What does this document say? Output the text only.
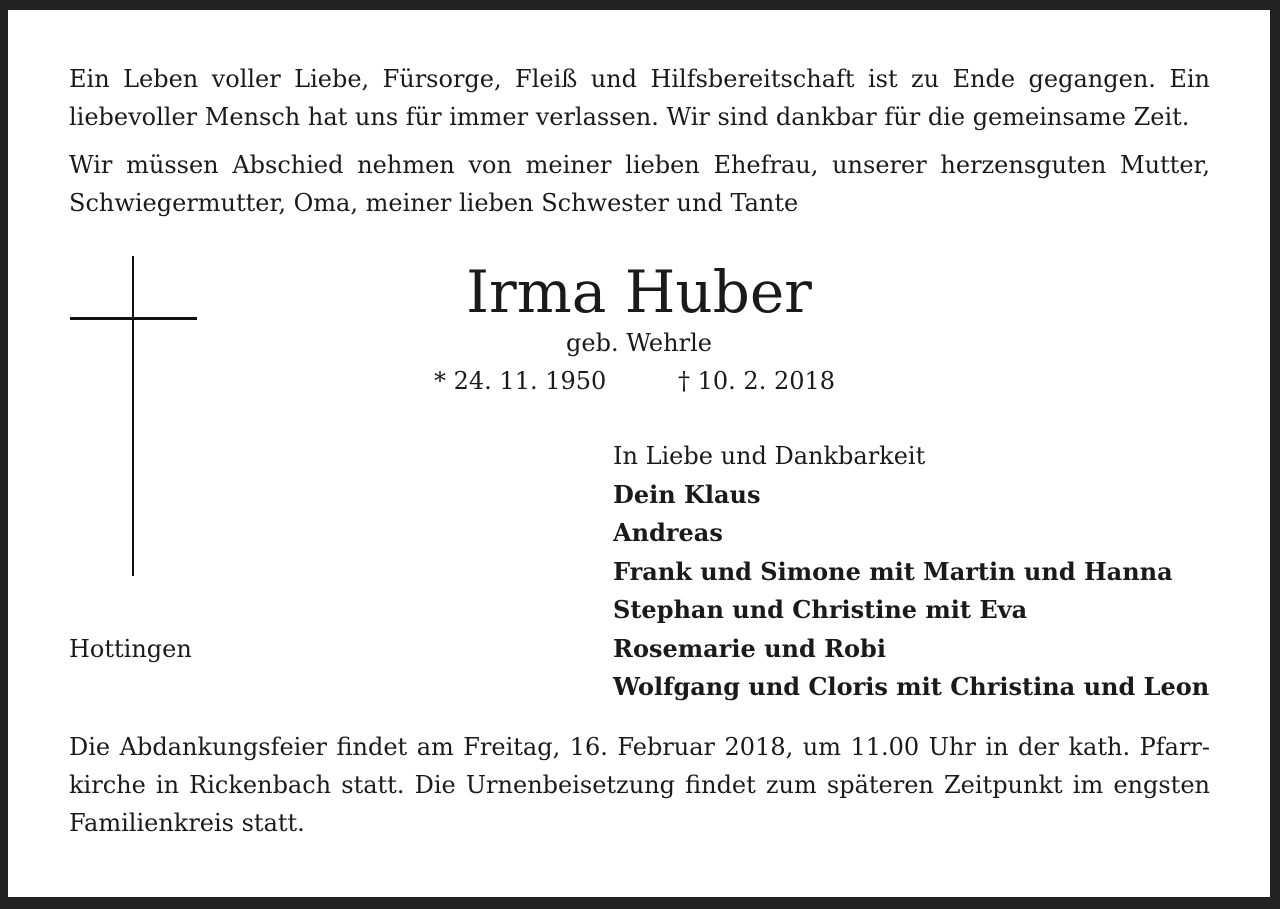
Ein Leben voller Liebe, Fürsorge, Fleiß und Hilfsbereitschaft ist zu Ende gegangen. Ein liebevoller Mensch hat uns für immer verlassen. Wir sind dankbar für die gemeinsame Zeit.

Wir müssen Abschied nehmen von meiner lieben Ehefrau, unserer herzensguten Mutter, Schwiegermutter, Oma, meiner lieben Schwester und Tante

Irma Huber
geb. Wehrle
* 24. 11. 1950	† 10. 2. 2018
Hottingen
In Liebe und Dankbarkeit
Dein Klaus
Andreas
Frank und Simone mit Martin und Hanna
Stephan und Christine mit Eva
Rosemarie und Robi
Wolfgang und Cloris mit Christina und Leon

Die Abdankungsfeier findet am Freitag, 16. Februar 2018, um 11.00 Uhr in der kath. Pfarrkirche in Rickenbach statt. Die Urnenbeisetzung findet zum späteren Zeitpunkt im engsten Familienkreis statt.
